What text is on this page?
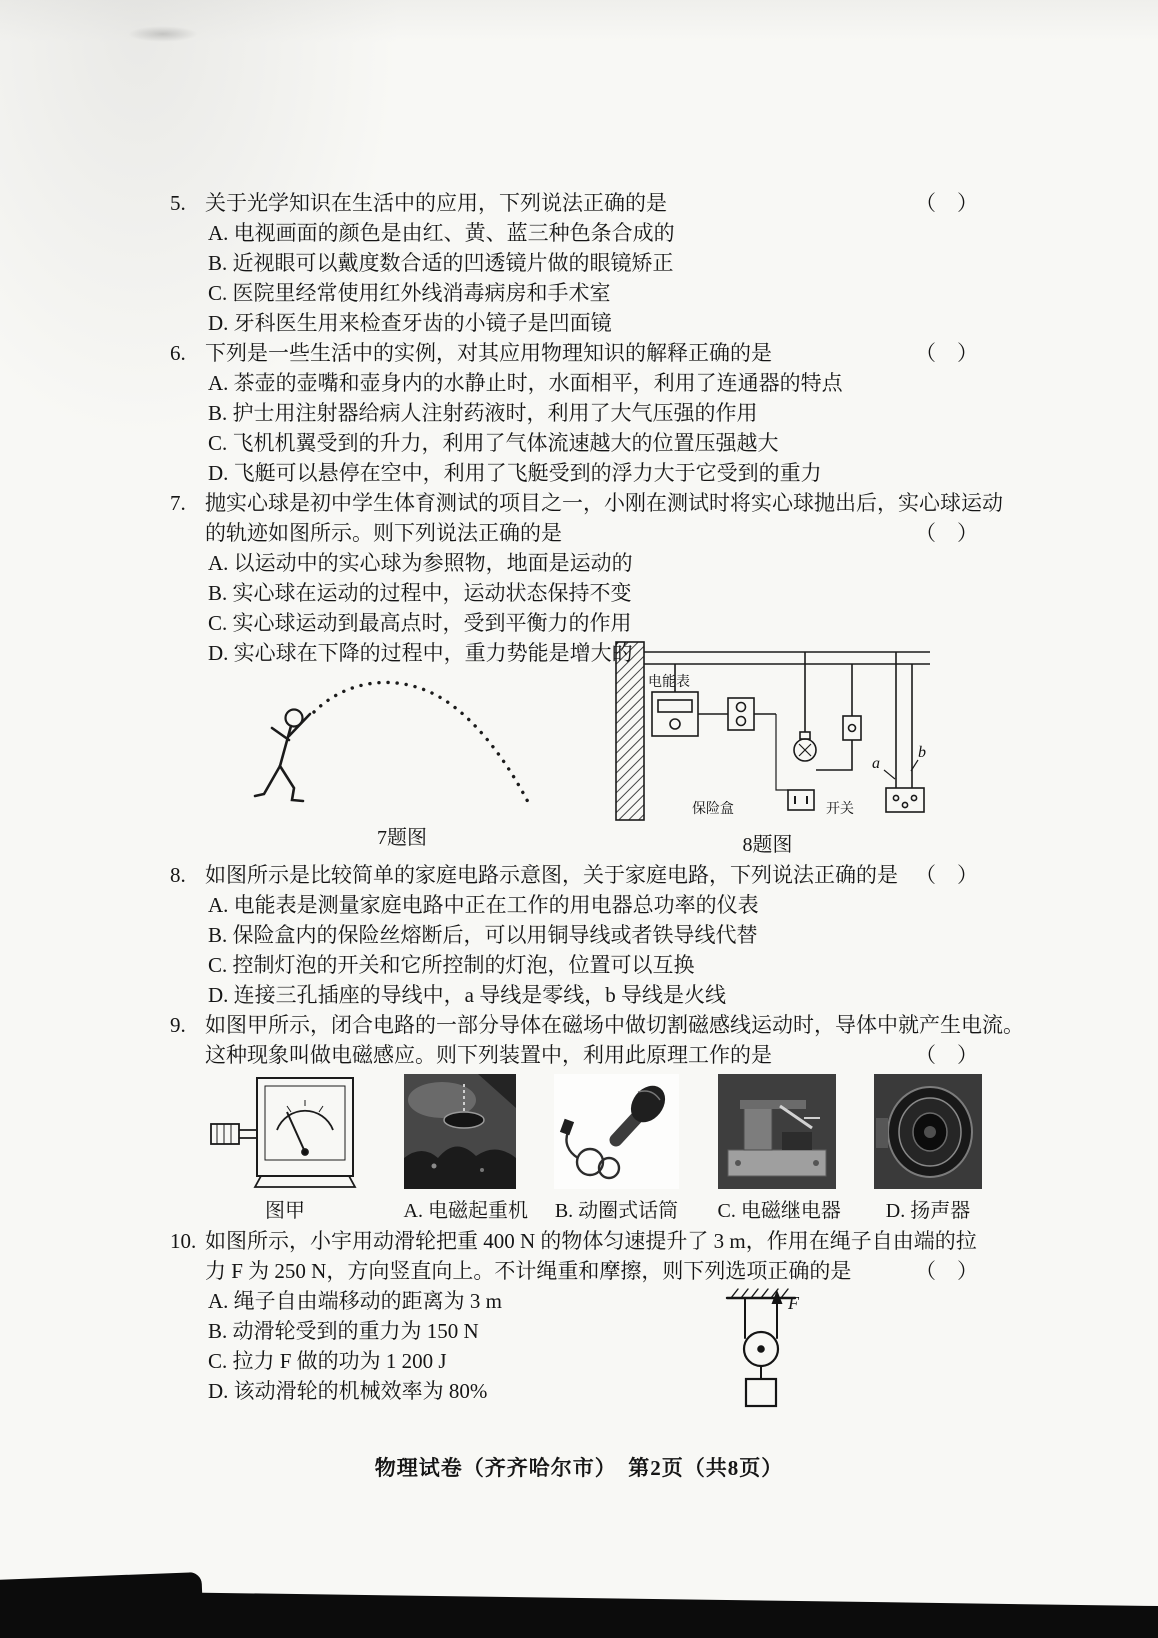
5. 关于光学知识在生活中的应用，下列说法正确的是	（　）
A. 电视画面的颜色是由红、黄、蓝三种色条合成的
B. 近视眼可以戴度数合适的凹透镜片做的眼镜矫正
C. 医院里经常使用红外线消毒病房和手术室
D. 牙科医生用来检查牙齿的小镜子是凹面镜
6. 下列是一些生活中的实例，对其应用物理知识的解释正确的是	（　）
A. 茶壶的壶嘴和壶身内的水静止时，水面相平，利用了连通器的特点
B. 护士用注射器给病人注射药液时，利用了大气压强的作用
C. 飞机机翼受到的升力，利用了气体流速越大的位置压强越大
D. 飞艇可以悬停在空中，利用了飞艇受到的浮力大于它受到的重力
7. 抛实心球是初中学生体育测试的项目之一，小刚在测试时将实心球抛出后，实心球运动
的轨迹如图所示。则下列说法正确的是	（　）
A. 以运动中的实心球为参照物，地面是运动的
B. 实心球在运动的过程中，运动状态保持不变
C. 实心球运动到最高点时，受到平衡力的作用
D. 实心球在下降的过程中，重力势能是增大的
7题图
电能表
保险盒	开关
a
b
8题图
8. 如图所示是比较简单的家庭电路示意图，关于家庭电路，下列说法正确的是 （　）
A. 电能表是测量家庭电路中正在工作的用电器总功率的仪表
B. 保险盒内的保险丝熔断后，可以用铜导线或者铁导线代替
C. 控制灯泡的开关和它所控制的灯泡，位置可以互换
D. 连接三孔插座的导线中，a 导线是零线，b 导线是火线
9. 如图甲所示，闭合电路的一部分导体在磁场中做切割磁感线运动时，导体中就产生电流。
这种现象叫做电磁感应。则下列装置中，利用此原理工作的是	（　）
图甲	A. 电磁起重机 B. 动圈式话筒 C. 电磁继电器	D. 扬声器
10. 如图所示，小宇用动滑轮把重 400 N 的物体匀速提升了 3 m，作用在绳子自由端的拉
力 F 为 250 N，方向竖直向上。不计绳重和摩擦，则下列选项正确的是	（　）
A. 绳子自由端移动的距离为 3 m
B. 动滑轮受到的重力为 150 N
C. 拉力 F 做的功为 1 200 J
D. 该动滑轮的机械效率为 80%
F
物理试卷（齐齐哈尔市）　第2页（共8页）
